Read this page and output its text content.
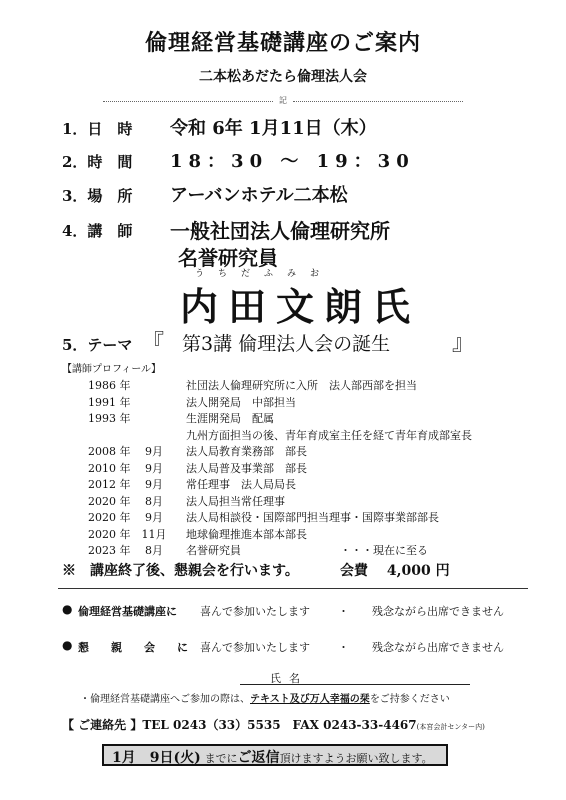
倫理経営基礎講座のご案内
二本松あだたら倫理法人会
記
1．日　時 令和 6年 1月11日（木）
2．時　間 18：30 ～ 19：30
3．場　所 アーバンホテル二本松
4．講　師 一般社団法人倫理研究所
名誉研究員
うちだふみお
内田文朗氏
5．テーマ 『 第3講 倫理法人会の誕生	』
【講師プロフィール】
1986 年	社団法人倫理研究所に入所　法人部西部を担当
1991 年	法人開発局　中部担当
1993 年	生涯開発局　配属
九州方面担当の後、青年育成室主任を経て青年育成部室長
2008 年　 9月 法人局教育業務部　部長
2010 年　 9月 法人局普及事業部　部長
2012 年　 9月 常任理事　法人局局長
2020 年　 8月 法人局担当常任理事
2020 年　 9月 法人局相談役・国際部門担当理事・国際事業部部長
2020 年　11月 地球倫理推進本部本部長
2023 年　 8月 名誉研究員　　　　　　　　　・・・現在に至る
※　講座終了後、懇親会を行います。	会費　 4,000 円
● 倫理経営基礎講座に 喜んで参加いたします	・ 残念ながら出席できません
● 懇　　親　　会　　に 喜んで参加いたします	・ 残念ながら出席できません
氏名
・倫理経営基礎講座へご参加の際は、テキスト及び万人幸福の栞をご持参ください
【 ご連絡先 】TEL 0243（33）5535　FAX 0243-33-4467(本宮会計センター内)
1月　9日(火) までにご返信頂けますようお願い致します。
